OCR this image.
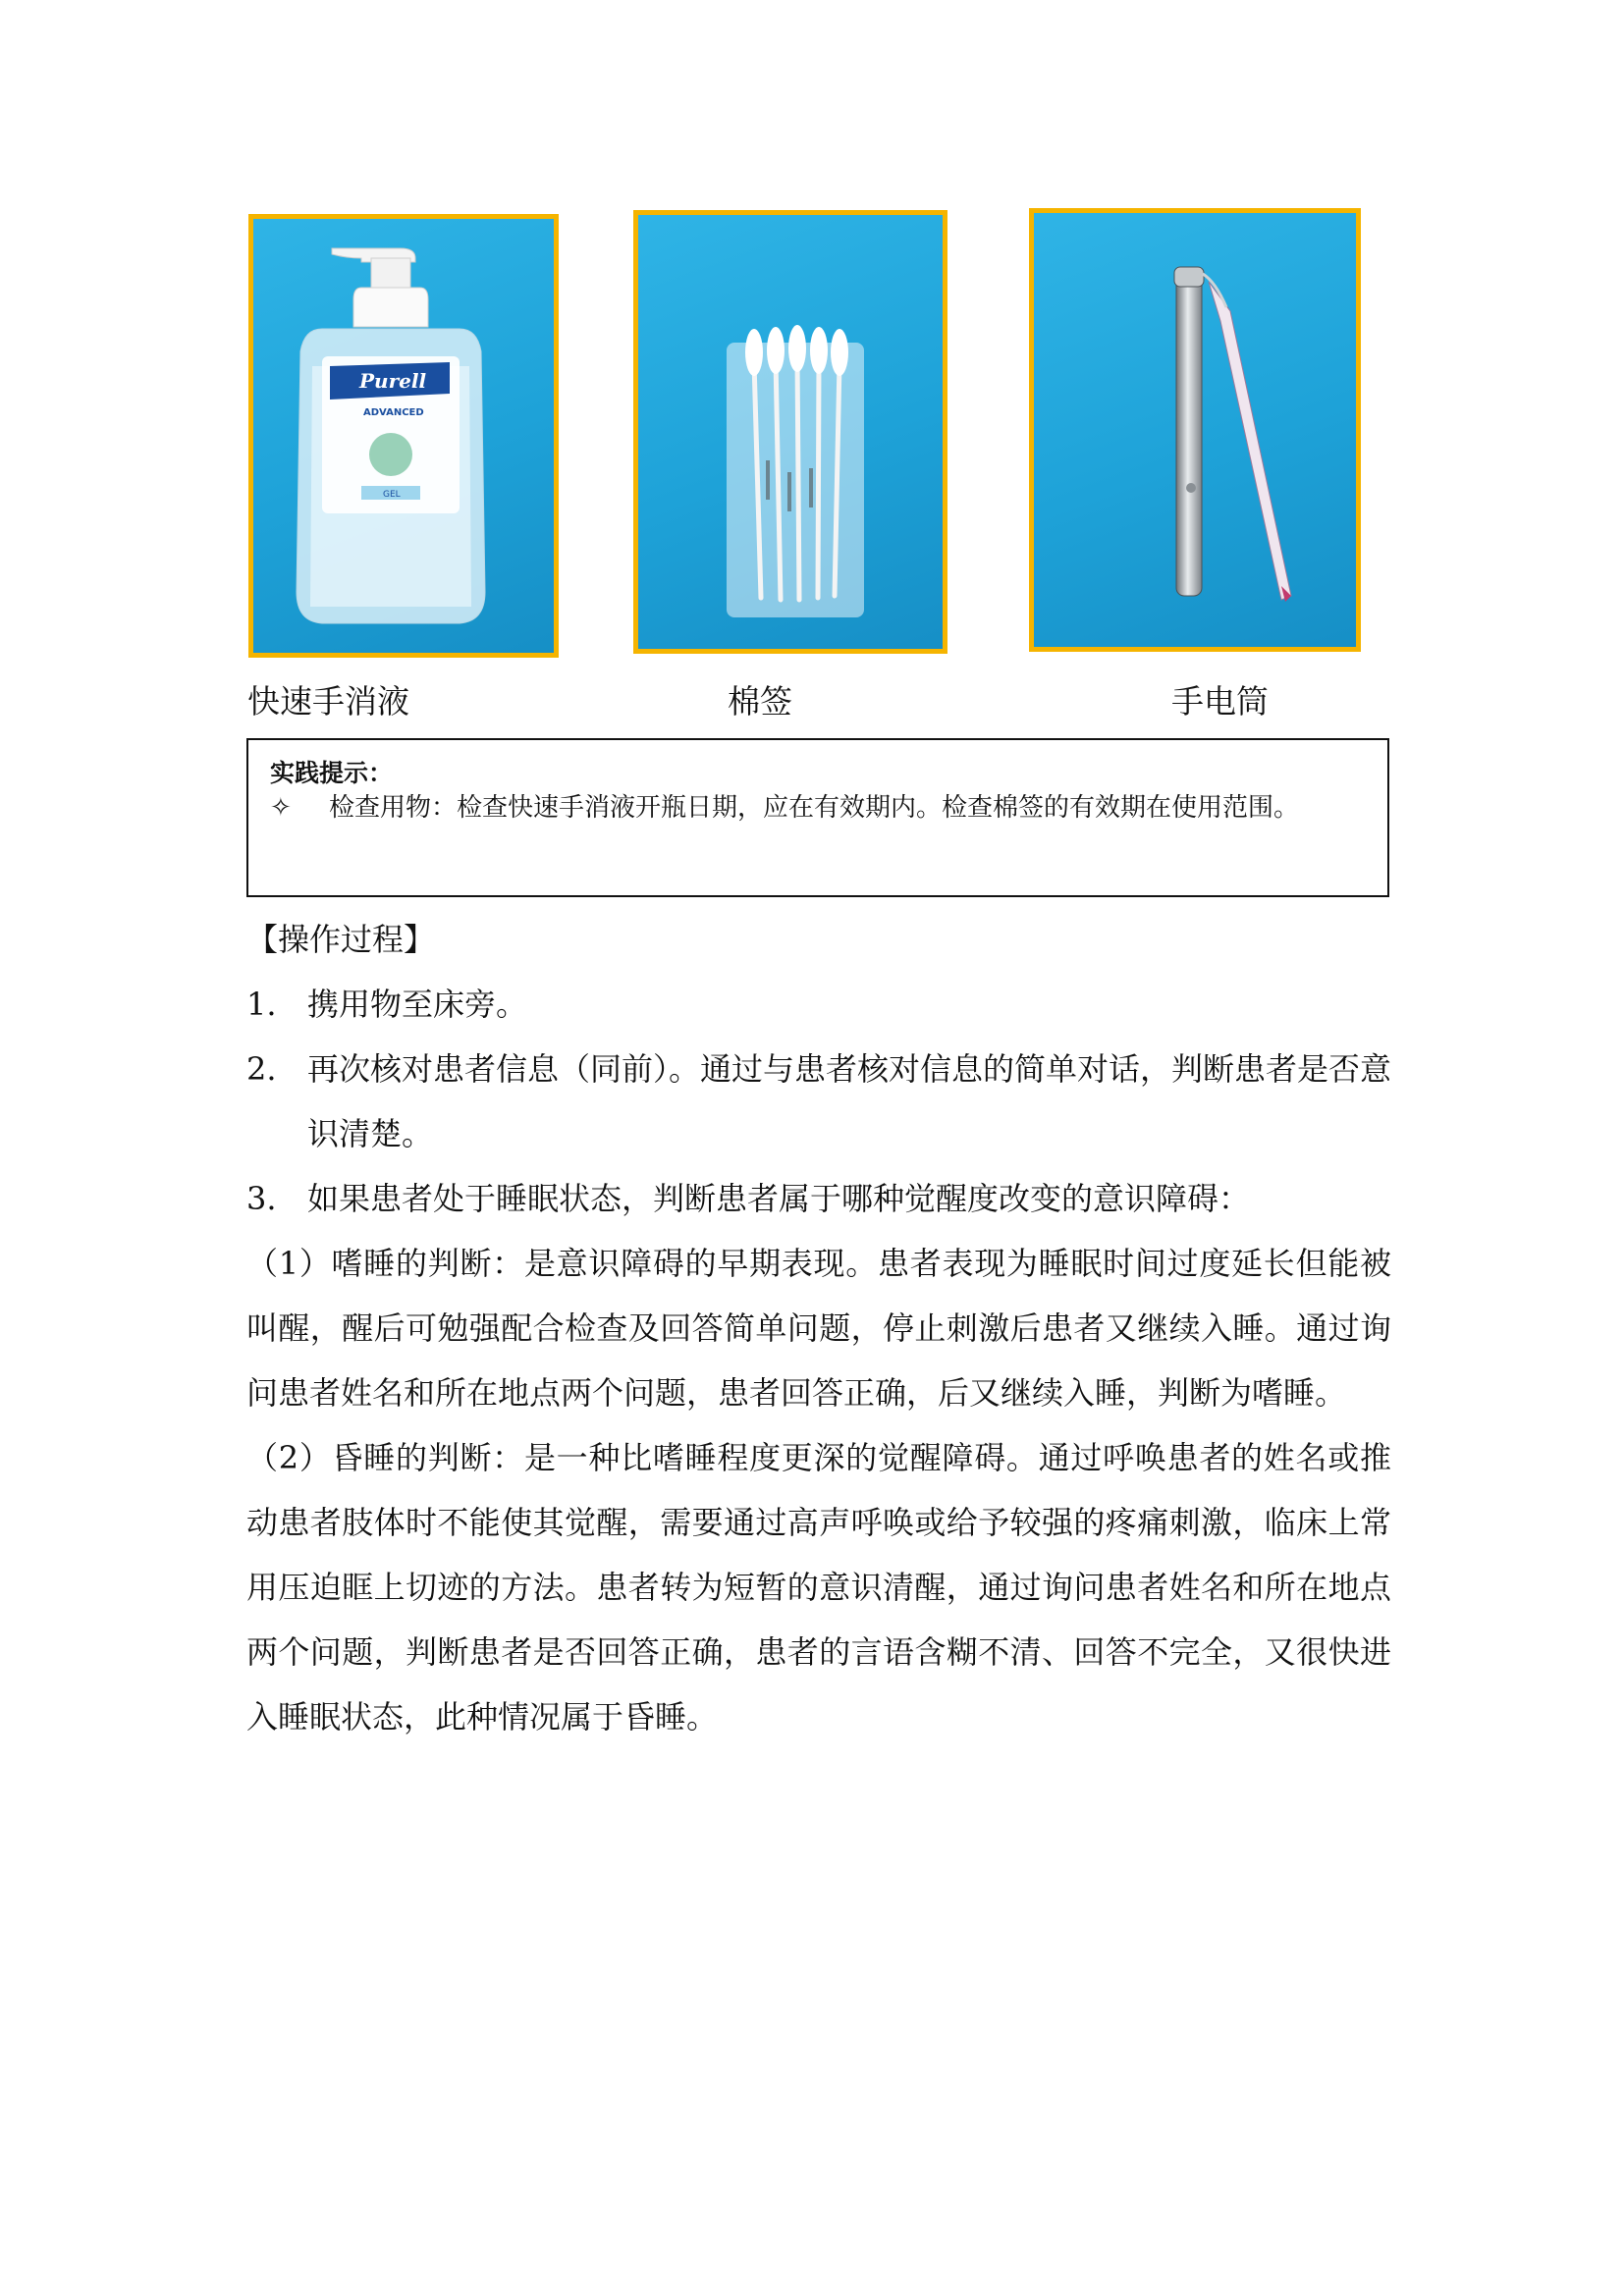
Purell
ADVANCED
GEL
快速手消液	棉签	手电筒
实践提示：
✧ 检查用物：检查快速手消液开瓶日期，应在有效期内。检查棉签的有效期在使用范围。
【操作过程】
1. 携用物至床旁。
2. 再次核对患者信息（同前）。通过与患者核对信息的简单对话，判断患者是否意识清楚。
3. 如果患者处于睡眠状态，判断患者属于哪种觉醒度改变的意识障碍：

（1）嗜睡的判断：是意识障碍的早期表现。患者表现为睡眠时间过度延长但能被叫醒，醒后可勉强配合检查及回答简单问题，停止刺激后患者又继续入睡。通过询问患者姓名和所在地点两个问题，患者回答正确，后又继续入睡，判断为嗜睡。

（2）昏睡的判断：是一种比嗜睡程度更深的觉醒障碍。通过呼唤患者的姓名或推动患者肢体时不能使其觉醒，需要通过高声呼唤或给予较强的疼痛刺激，临床上常用压迫眶上切迹的方法。患者转为短暂的意识清醒，通过询问患者姓名和所在地点两个问题，判断患者是否回答正确，患者的言语含糊不清、回答不完全，又很快进入睡眠状态，此种情况属于昏睡。
